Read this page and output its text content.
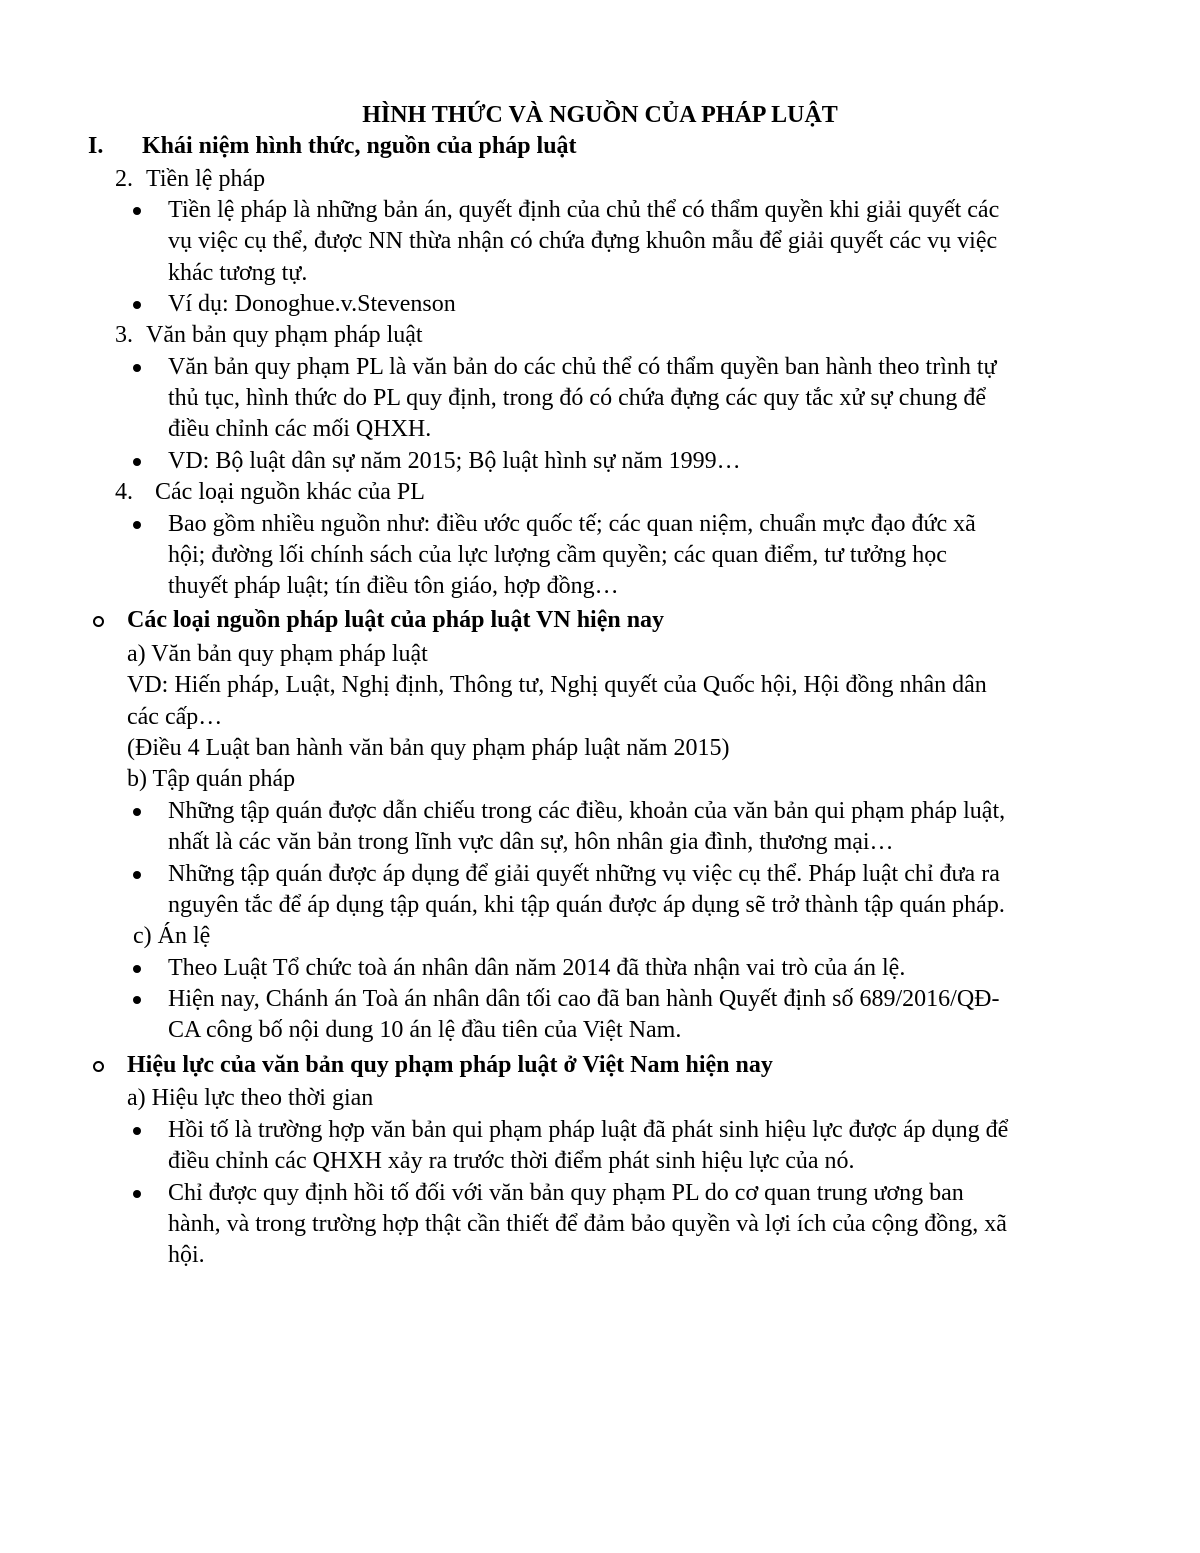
HÌNH THỨC VÀ NGUỒN CỦA PHÁP LUẬT
I. Khái niệm hình thức, nguồn của pháp luật
2. Tiền lệ pháp
Tiền lệ pháp là những bản án, quyết định của chủ thể có thẩm quyền khi giải quyết các
vụ việc cụ thể, được NN thừa nhận có chứa đựng khuôn mẫu để giải quyết các vụ việc
khác tương tự.
Ví dụ: Donoghue.v.Stevenson
3. Văn bản quy phạm pháp luật
Văn bản quy phạm PL là văn bản do các chủ thể có thẩm quyền ban hành theo trình tự
thủ tục, hình thức do PL quy định, trong đó có chứa đựng các quy tắc xử sự chung để
điều chỉnh các mối QHXH.
VD: Bộ luật dân sự năm 2015; Bộ luật hình sự năm 1999…
4. Các loại nguồn khác của PL
Bao gồm nhiều nguồn như: điều ước quốc tế; các quan niệm, chuẩn mực đạo đức xã
hội; đường lối chính sách của lực lượng cầm quyền; các quan điểm, tư tưởng học
thuyết pháp luật; tín điều tôn giáo, hợp đồng…
Các loại nguồn pháp luật của pháp luật VN hiện nay
a) Văn bản quy phạm pháp luật
VD: Hiến pháp, Luật, Nghị định, Thông tư, Nghị quyết của Quốc hội, Hội đồng nhân dân
các cấp…
(Điều 4 Luật ban hành văn bản quy phạm pháp luật năm 2015)
b) Tập quán pháp
Những tập quán được dẫn chiếu trong các điều, khoản của văn bản qui phạm pháp luật,
nhất là các văn bản trong lĩnh vực dân sự, hôn nhân gia đình, thương mại…
Những tập quán được áp dụng để giải quyết những vụ việc cụ thể. Pháp luật chỉ đưa ra
nguyên tắc để áp dụng tập quán, khi tập quán được áp dụng sẽ trở thành tập quán pháp.
c) Án lệ
Theo Luật Tổ chức toà án nhân dân năm 2014 đã thừa nhận vai trò của án lệ.
Hiện nay, Chánh án Toà án nhân dân tối cao đã ban hành Quyết định số 689/2016/QĐ-
CA công bố nội dung 10 án lệ đầu tiên của Việt Nam.
Hiệu lực của văn bản quy phạm pháp luật ở Việt Nam hiện nay
a) Hiệu lực theo thời gian
Hồi tố là trường hợp văn bản qui phạm pháp luật đã phát sinh hiệu lực được áp dụng để
điều chỉnh các QHXH xảy ra trước thời điểm phát sinh hiệu lực của nó.
Chỉ được quy định hồi tố đối với văn bản quy phạm PL do cơ quan trung ương ban
hành, và trong trường hợp thật cần thiết để đảm bảo quyền và lợi ích của cộng đồng, xã
hội.
